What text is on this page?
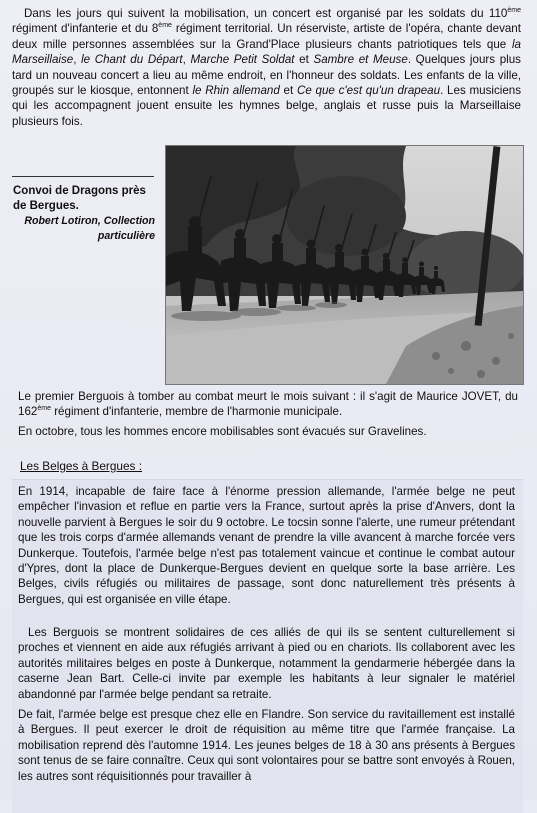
Dans les jours qui suivent la mobilisation, un concert est organisé par les soldats du 110ème régiment d'infanterie et du 8ème régiment territorial. Un réserviste, artiste de l'opéra, chante devant deux mille personnes assemblées sur la Grand'Place plusieurs chants patriotiques tels que la Marseillaise, le Chant du Départ, Marche Petit Soldat et Sambre et Meuse. Quelques jours plus tard un nouveau concert a lieu au même endroit, en l'honneur des soldats. Les enfants de la ville, groupés sur le kiosque, entonnent le Rhin allemand et Ce que c'est qu'un drapeau. Les musiciens qui les accompagnent jouent ensuite les hymnes belge, anglais et russe puis la Marseillaise plusieurs fois.

Convoi de Dragons près de Bergues.
Robert Lotiron, Collection particulière

Le premier Berguois à tomber au combat meurt le mois suivant : il s'agit de Maurice JOVET, du 162ème régiment d'infanterie, membre de l'harmonie municipale.

En octobre, tous les hommes encore mobilisables sont évacués sur Gravelines.

Les Belges à Bergues :

En 1914, incapable de faire face à l'énorme pression allemande, l'armée belge ne peut empêcher l'invasion et reflue en partie vers la France, surtout après la prise d'Anvers, dont la nouvelle parvient à Bergues le soir du 9 octobre. Le tocsin sonne l'alerte, une rumeur prétendant que les trois corps d'armée allemands venant de prendre la ville avancent à marche forcée vers Dunkerque. Toutefois, l'armée belge n'est pas totalement vaincue et continue le combat autour d'Ypres, dont la place de Dunkerque-Bergues devient en quelque sorte la base arrière. Les Belges, civils réfugiés ou militaires de passage, sont donc naturellement très présents à Bergues, qui est organisée en ville étape.

Les Berguois se montrent solidaires de ces alliés de qui ils se sentent culturellement si proches et viennent en aide aux réfugiés arrivant à pied ou en chariots. Ils collaborent avec les autorités militaires belges en poste à Dunkerque, notamment la gendarmerie hébergée dans la caserne Jean Bart. Celle-ci invite par exemple les habitants à leur signaler le matériel abandonné par l'armée belge pendant sa retraite.

De fait, l'armée belge est presque chez elle en Flandre. Son service du ravitaillement est installé à Bergues. Il peut exercer le droit de réquisition au même titre que l'armée française. La mobilisation reprend dès l'automne 1914. Les jeunes belges de 18 à 30 ans présents à Bergues sont tenus de se faire connaître. Ceux qui sont volontaires pour se battre sont envoyés à Rouen, les autres sont réquisitionnés pour travailler à
